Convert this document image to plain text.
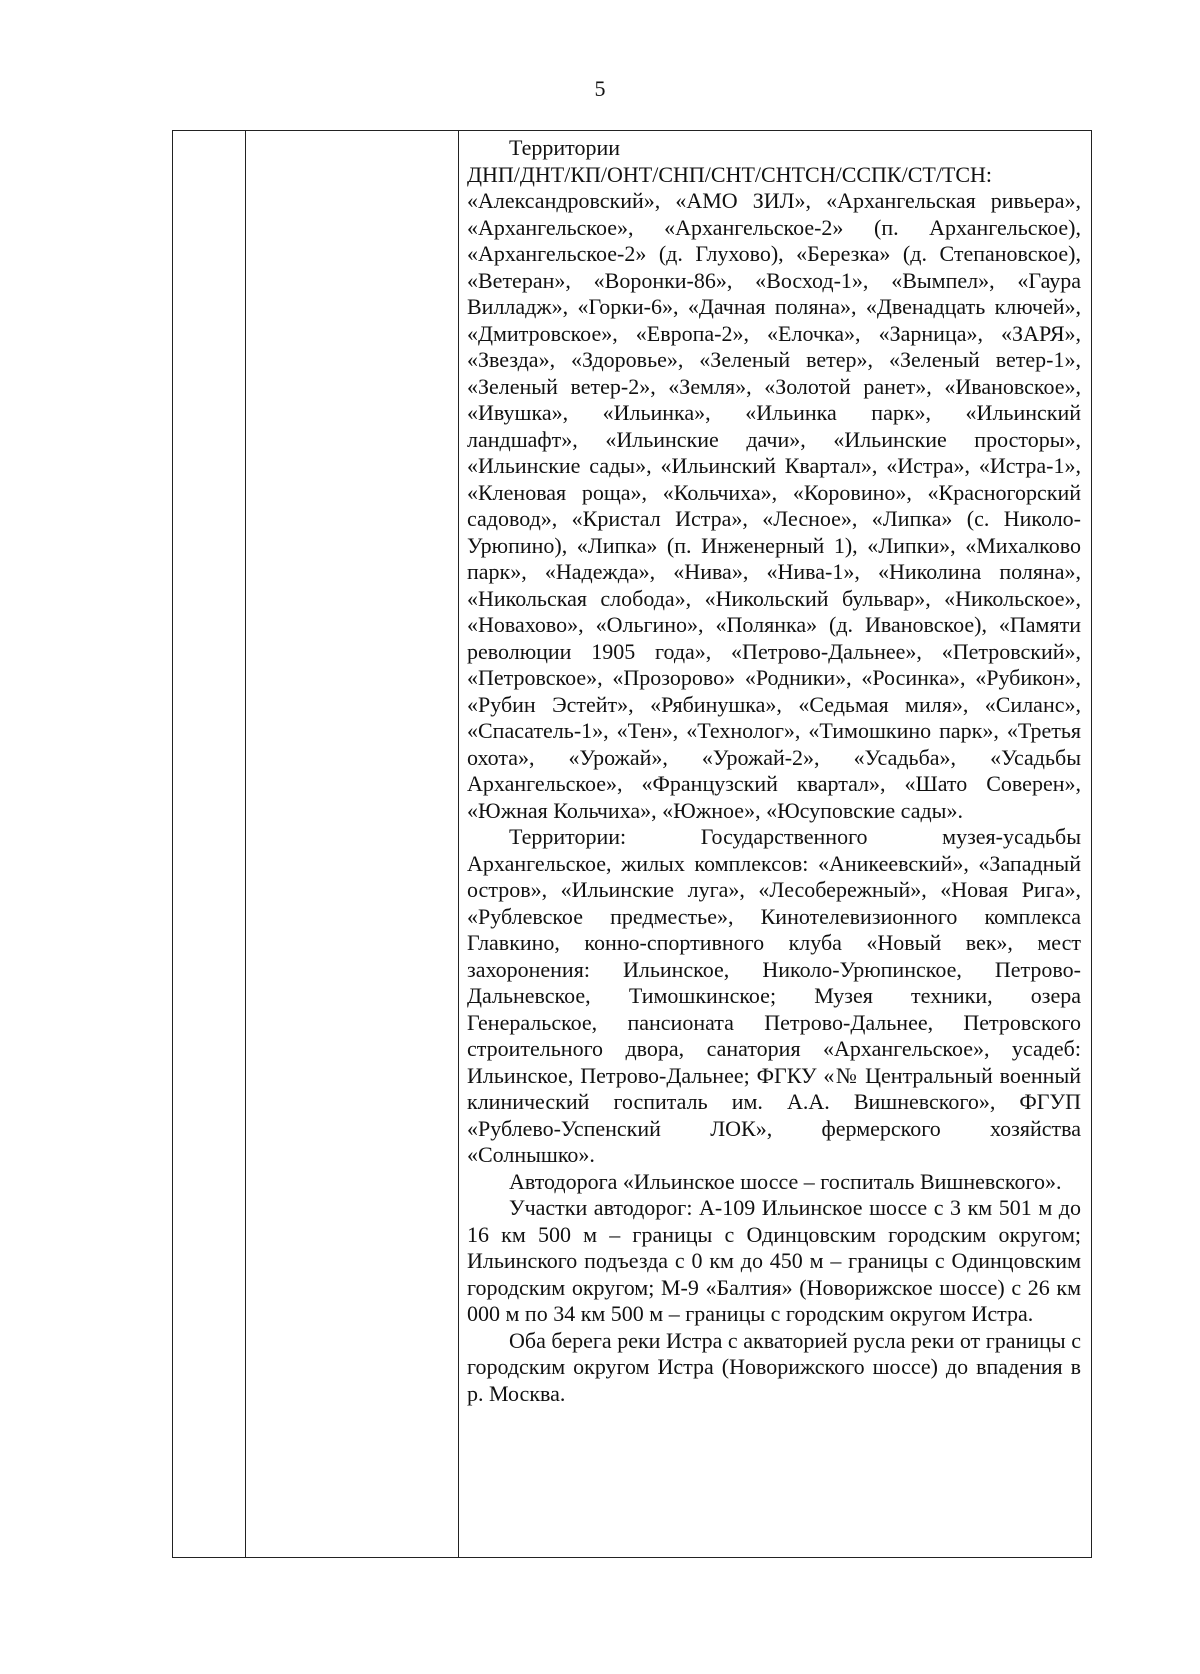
5

Территории

ДНП/ДНТ/КП/ОНТ/СНП/СНТ/СНТСН/ССПК/СТ/ТСН:

«Александровский», «АМО ЗИЛ», «Архангельская ривьера», «Архангельское», «Архангельское-2» (п. Архангельское), «Архангельское-2» (д. Глухово), «Березка» (д. Степановское), «Ветеран», «Воронки-86», «Восход-1», «Вымпел», «Гаура Вилладж», «Горки-6», «Дачная поляна», «Двенадцать ключей», «Дмитровское», «Европа-2», «Елочка», «Зарница», «ЗАРЯ», «Звезда», «Здоровье», «Зеленый ветер», «Зеленый ветер-1», «Зеленый ветер-2», «Земля», «Золотой ранет», «Ивановское», «Ивушка», «Ильинка», «Ильинка парк», «Ильинский ландшафт», «Ильинские дачи», «Ильинские просторы», «Ильинские сады», «Ильинский Квартал», «Истра», «Истра-1», «Кленовая роща», «Кольчиха», «Коровино», «Красногорский садовод», «Кристал Истра», «Лесное», «Липка» (с. Николо-Урюпино), «Липка» (п. Инженерный 1), «Липки», «Михалково парк», «Надежда», «Нива», «Нива-1», «Николина поляна», «Никольская слобода», «Никольский бульвар», «Никольское», «Новахово», «Ольгино», «Полянка» (д. Ивановское), «Памяти революции 1905 года», «Петрово-Дальнее», «Петровский», «Петровское», «Прозорово» «Родники», «Росинка», «Рубикон», «Рубин Эстейт», «Рябинушка», «Седьмая миля», «Силанс», «Спасатель-1», «Тен», «Технолог», «Тимошкино парк», «Третья охота», «Урожай», «Урожай-2», «Усадьба», «Усадьбы Архангельское», «Французский квартал», «Шато Соверен», «Южная Кольчиха», «Южное», «Юсуповские сады».

Территории: Государственного музея-усадьбы Архангельское, жилых комплексов: «Аникеевский», «Западный остров», «Ильинские луга», «Лесобережный», «Новая Рига», «Рублевское предместье», Кинотелевизионного комплекса Главкино, конно-спортивного клуба «Новый век», мест захоронения: Ильинское, Николо-Урюпинское, Петрово-Дальневское, Тимошкинское; Музея техники, озера Генеральское, пансионата Петрово-Дальнее, Петровского строительного двора, санатория «Архангельское», усадеб: Ильинское, Петрово-Дальнее; ФГКУ «№ Центральный военный клинический госпиталь им. А.А. Вишневского», ФГУП «Рублево-Успенский ЛОК», фермерского хозяйства «Солнышко».

Автодорога «Ильинское шоссе – госпиталь Вишневского».

Участки автодорог: А-109 Ильинское шоссе с 3 км 501 м до 16 км 500 м – границы с Одинцовским городским округом; Ильинского подъезда с 0 км до 450 м – границы с Одинцовским городским округом; М-9 «Балтия» (Новорижское шоссе) с 26 км 000 м по 34 км 500 м – границы с городским округом Истра.

Оба берега реки Истра с акваторией русла реки от границы с городским округом Истра (Новорижского шоссе) до впадения в р. Москва.
